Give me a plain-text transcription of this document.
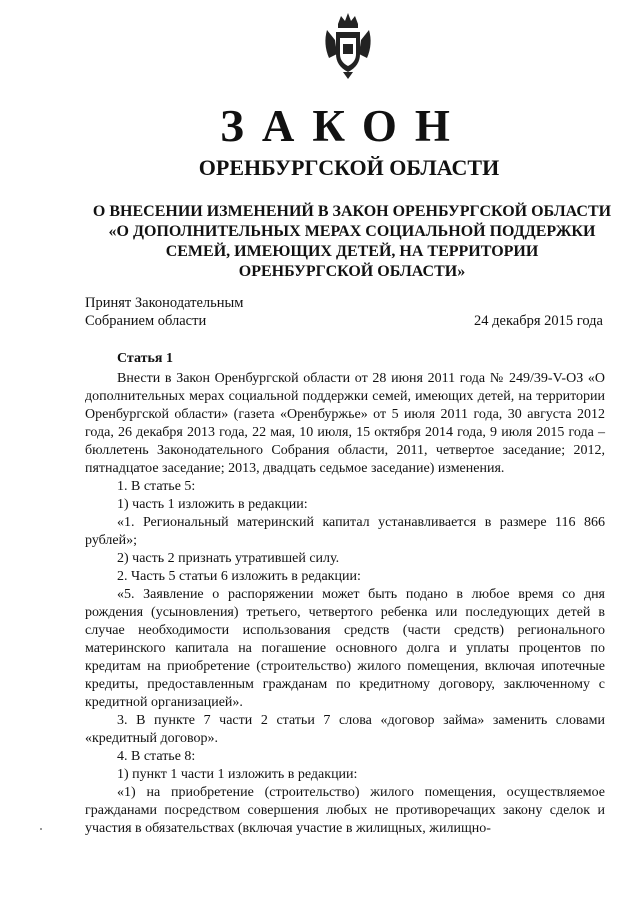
ЗАКОН
ОРЕНБУРГСКОЙ ОБЛАСТИ
О ВНЕСЕНИИ ИЗМЕНЕНИЙ В ЗАКОН ОРЕНБУРГСКОЙ ОБЛАСТИ
«О ДОПОЛНИТЕЛЬНЫХ МЕРАХ СОЦИАЛЬНОЙ ПОДДЕРЖКИ
СЕМЕЙ, ИМЕЮЩИХ ДЕТЕЙ, НА ТЕРРИТОРИИ
ОРЕНБУРГСКОЙ ОБЛАСТИ»
Принят Законодательным
Собранием области	24 декабря 2015 года

Статья 1

Внести в Закон Оренбургской области от 28 июня 2011 года № 249/39-V-ОЗ «О дополнительных мерах социальной поддержки семей, имеющих детей, на территории Оренбургской области» (газета «Оренбуржье» от 5 июля 2011 года, 30 августа 2012 года, 26 декабря 2013 года, 22 мая, 10 июля, 15 октября 2014 года, 9 июля 2015 года – бюллетень Законодательного Собрания области, 2011, четвертое заседание; 2012, пятнадцатое заседание; 2013, двадцать седьмое заседание) изменения.

1. В статье 5:

1) часть 1 изложить в редакции:

«1. Региональный материнский капитал устанавливается в размере 116 866 рублей»;

2) часть 2 признать утратившей силу.

2. Часть 5 статьи 6 изложить в редакции:

«5. Заявление о распоряжении может быть подано в любое время со дня рождения (усыновления) третьего, четвертого ребенка или последующих детей в случае необходимости использования средств (части средств) регионального материнского капитала на погашение основного долга и уплаты процентов по кредитам на приобретение (строительство) жилого помещения, включая ипотечные кредиты, предоставленным гражданам по кредитному договору, заключенному с кредитной организацией».

3. В пункте 7 части 2 статьи 7 слова «договор займа» заменить словами «кредитный договор».

4. В статье 8:

1) пункт 1 части 1 изложить в редакции:

«1) на приобретение (строительство) жилого помещения, осуществляемое гражданами посредством совершения любых не противоречащих закону сделок и участия в обязательствах (включая участие в жилищных, жилищно-
